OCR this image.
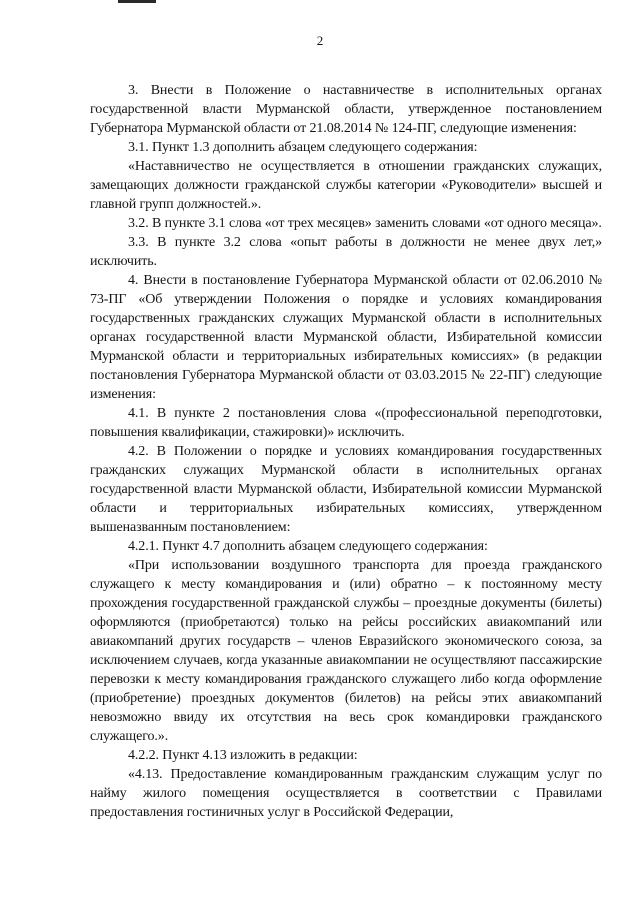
2

3. Внести в Положение о наставничестве в исполнительных органах государственной власти Мурманской области, утвержденное постановлением Губернатора Мурманской области от 21.08.2014 № 124-ПГ, следующие изменения:

3.1. Пункт 1.3 дополнить абзацем следующего содержания:

«Наставничество не осуществляется в отношении гражданских служащих, замещающих должности гражданской службы категории «Руководители» высшей и главной групп должностей.».

3.2. В пункте 3.1 слова «от трех месяцев» заменить словами «от одного месяца».

3.3. В пункте 3.2 слова «опыт работы в должности не менее двух лет,» исключить.

4. Внести в постановление Губернатора Мурманской области от 02.06.2010 № 73-ПГ «Об утверждении Положения о порядке и условиях командирования государственных гражданских служащих Мурманской области в исполнительных органах государственной власти Мурманской области, Избирательной комиссии Мурманской области и территориальных избирательных комиссиях» (в редакции постановления Губернатора Мурманской области от 03.03.2015 № 22-ПГ) следующие изменения:

4.1. В пункте 2 постановления слова «(профессиональной переподготовки, повышения квалификации, стажировки)» исключить.

4.2. В Положении о порядке и условиях командирования государственных гражданских служащих Мурманской области в исполнительных органах государственной власти Мурманской области, Избирательной комиссии Мурманской области и территориальных избирательных комиссиях, утвержденном вышеназванным постановлением:

4.2.1. Пункт 4.7 дополнить абзацем следующего содержания:

«При использовании воздушного транспорта для проезда гражданского служащего к месту командирования и (или) обратно – к постоянному месту прохождения государственной гражданской службы – проездные документы (билеты) оформляются (приобретаются) только на рейсы российских авиакомпаний или авиакомпаний других государств – членов Евразийского экономического союза, за исключением случаев, когда указанные авиакомпании не осуществляют пассажирские перевозки к месту командирования гражданского служащего либо когда оформление (приобретение) проездных документов (билетов) на рейсы этих авиакомпаний невозможно ввиду их отсутствия на весь срок командировки гражданского служащего.».

4.2.2. Пункт 4.13 изложить в редакции:

«4.13. Предоставление командированным гражданским служащим услуг по найму жилого помещения осуществляется в соответствии с Правилами предоставления гостиничных услуг в Российской Федерации,
